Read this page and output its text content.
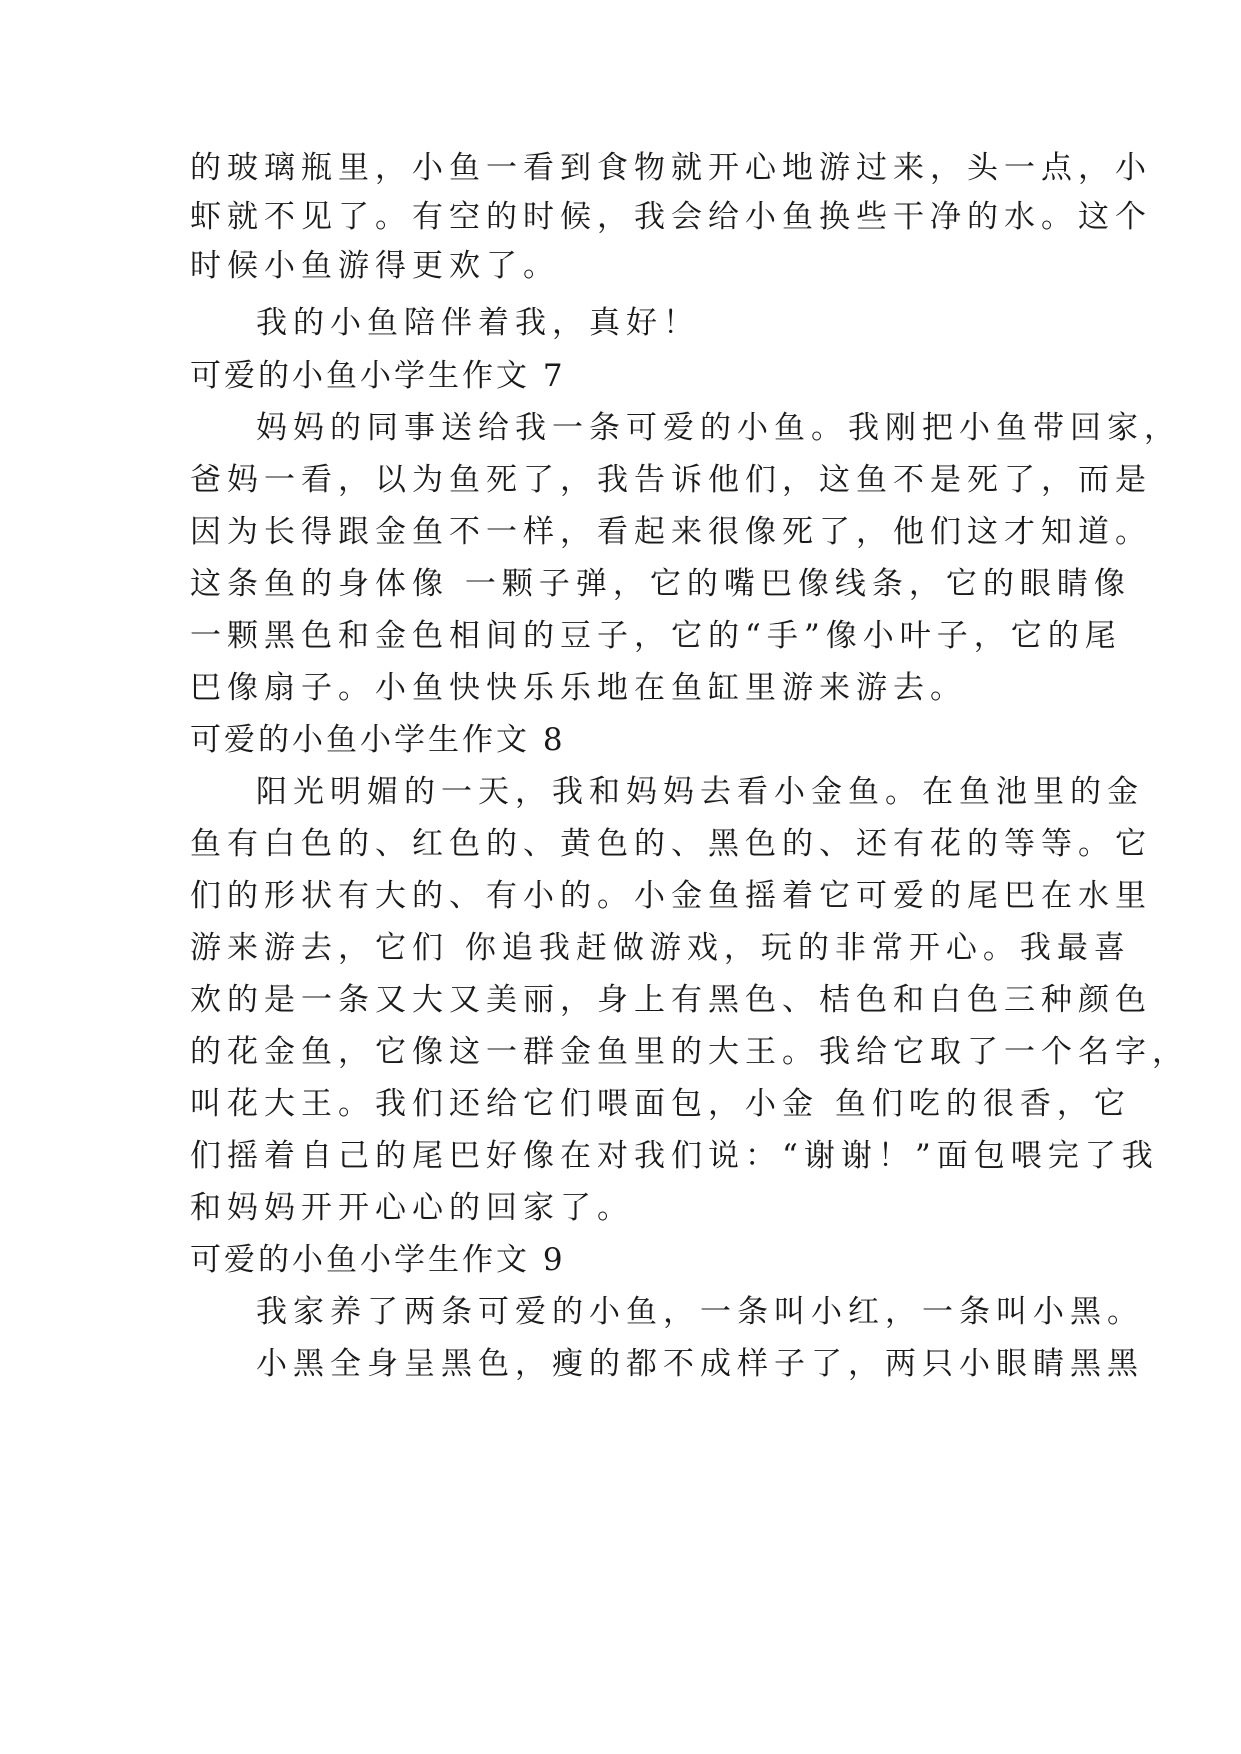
的玻璃瓶里，小鱼一看到食物就开心地游过来，头一点，小
虾就不见了。有空的时候，我会给小鱼换些干净的水。这个
时候小鱼游得更欢了。
我的小鱼陪伴着我，真好！
可爱的小鱼小学生作文 7
妈妈的同事送给我一条可爱的小鱼。我刚把小鱼带回家，
爸妈一看，以为鱼死了，我告诉他们，这鱼不是死了，而是
因为长得跟金鱼不一样，看起来很像死了，他们这才知道。
这条鱼的身体像 一颗子弹，它的嘴巴像线条，它的眼睛像
一颗黑色和金色相间的豆子，它的“手”像小叶子，它的尾
巴像扇子。小鱼快快乐乐地在鱼缸里游来游去。
可爱的小鱼小学生作文 8
阳光明媚的一天，我和妈妈去看小金鱼。在鱼池里的金
鱼有白色的、红色的、黄色的、黑色的、还有花的等等。它
们的形状有大的、有小的。小金鱼摇着它可爱的尾巴在水里
游来游去，它们 你追我赶做游戏，玩的非常开心。我最喜
欢的是一条又大又美丽，身上有黑色、桔色和白色三种颜色
的花金鱼，它像这一群金鱼里的大王。我给它取了一个名字，
叫花大王。我们还给它们喂面包，小金 鱼们吃的很香，它
们摇着自己的尾巴好像在对我们说：“谢谢！”面包喂完了我
和妈妈开开心心的回家了。
可爱的小鱼小学生作文 9
我家养了两条可爱的小鱼，一条叫小红，一条叫小黑。
小黑全身呈黑色，瘦的都不成样子了，两只小眼睛黑黑
